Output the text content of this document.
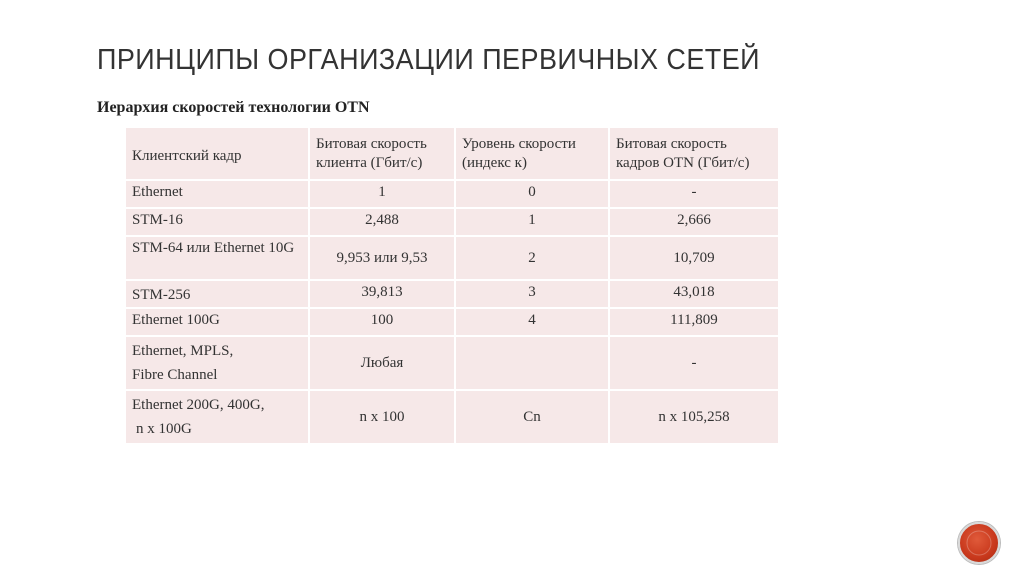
ПРИНЦИПЫ ОРГАНИЗАЦИИ ПЕРВИЧНЫХ СЕТЕЙ
Иерархия скоростей технологии OTN
Клиентский кадр	Битовая скорость клиента (Гбит/с)	Уровень скорости (индекс к)	Битовая скорость кадров OTN (Гбит/с)
Ethernet	1	0	-
STM-16	2,488	1	2,666
STM-64 или Ethernet 10G	9,953 или 9,53	2	10,709
STM-256	39,813	3	43,018
Ethernet 100G	100	4	111,809

Ethernet, MPLS,
Fibre Channel	Любая		-

Ethernet 200G, 400G,
n x 100G	n x 100	Cn	n x 105,258
